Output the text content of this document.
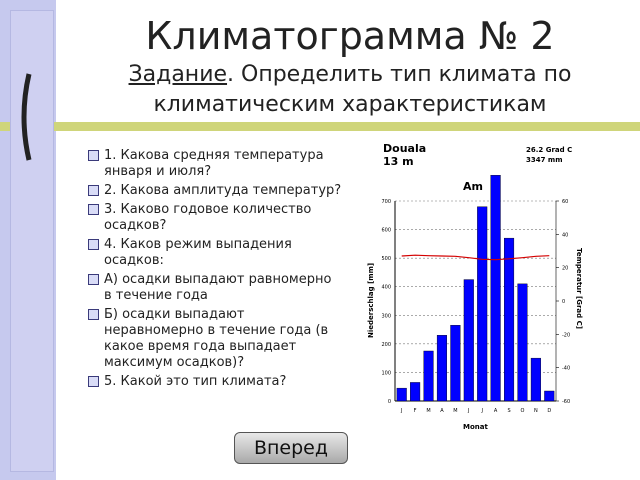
Климатограмма № 2
Задание. Определить тип климата по климатическим характеристикам
1. Какова средняя температура января и июля?
2. Какова амплитуда температур?
3. Каково годовое количество осадков?
4. Каков режим выпадения осадков:
А) осадки выпадают равномерно в течение года
Б) осадки выпадают неравномерно в течение года (в какое время года выпадает максимум осадков)?
5. Какой это тип климата?
Douala
13 m
26.2 Grad C
3347 mm
Am
0
100
200
300
400
500
600
700
-60
-40
-20
0
20
40
60
J F M A M J J A S O N D
Monat
Niederschlag [mm]	Temperatur [Grad C]
Вперед
